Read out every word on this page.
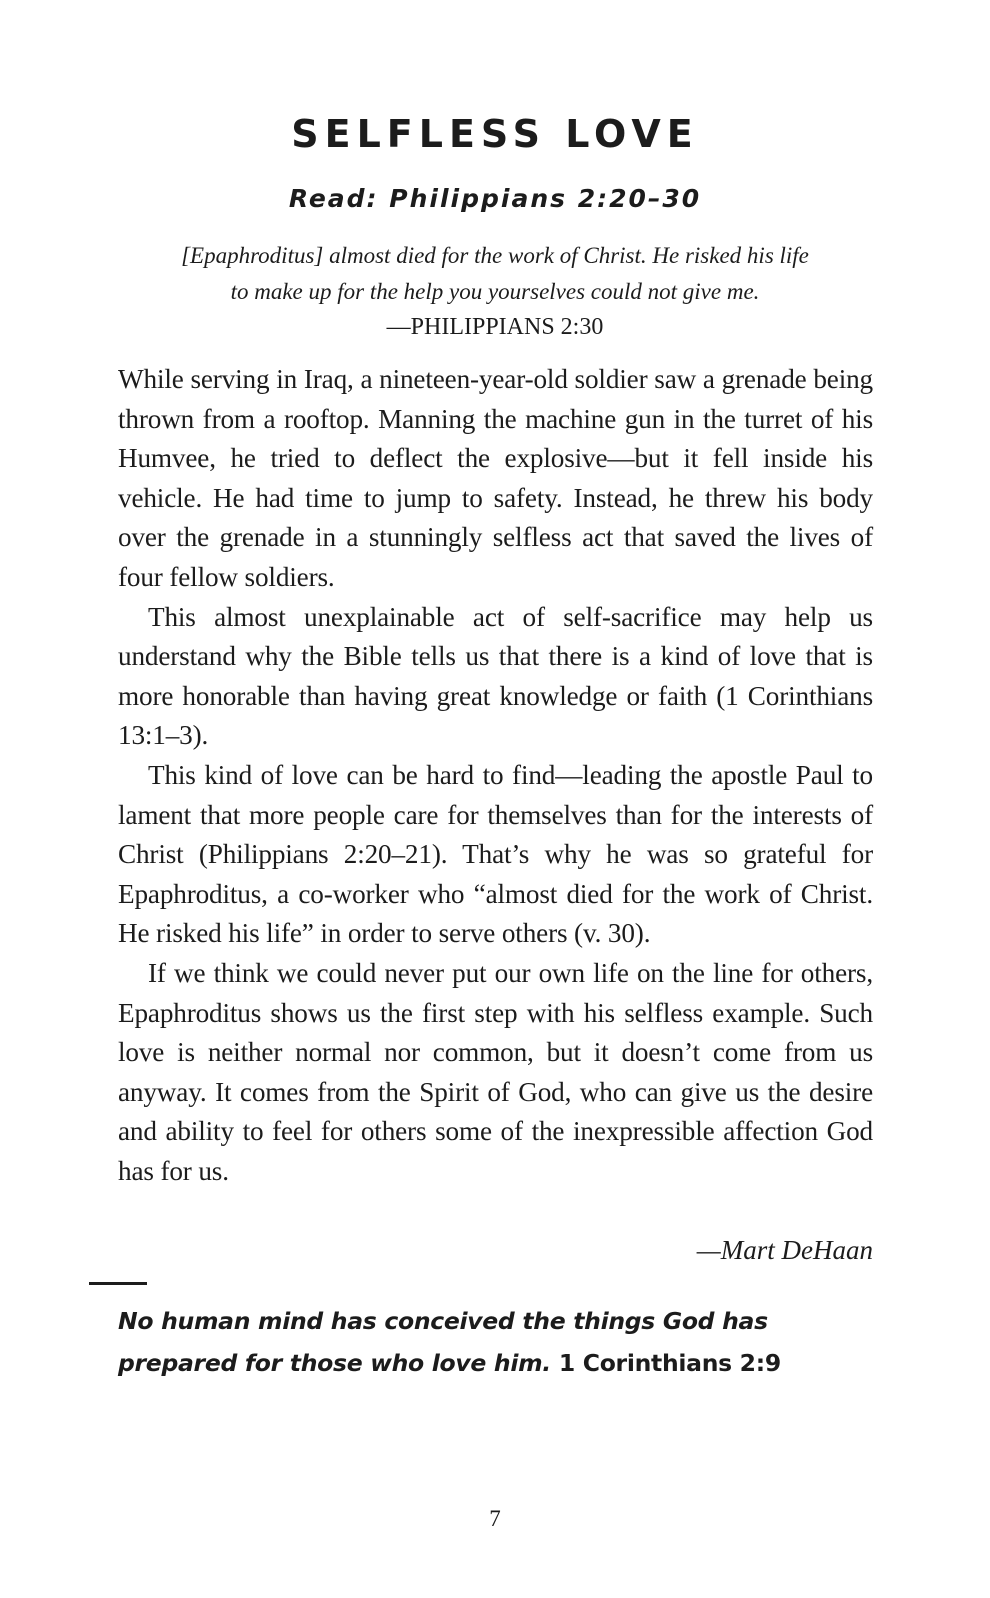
SELFLESS LOVE
Read: Philippians 2:20–30
[Epaphroditus] almost died for the work of Christ. He risked his life
to make up for the help you yourselves could not give me.
—PHILIPPIANS 2:30

While serving in Iraq, a nineteen-year-old soldier saw a grenade being thrown from a rooftop. Manning the machine gun in the turret of his Humvee, he tried to deflect the explosive—but it fell inside his vehicle. He had time to jump to safety. Instead, he threw his body over the grenade in a stunningly selfless act that saved the lives of four fellow soldiers.

This almost unexplainable act of self-sacrifice may help us understand why the Bible tells us that there is a kind of love that is more honorable than having great knowledge or faith (1 Corinthians 13:1–3).

This kind of love can be hard to find—leading the apostle Paul to lament that more people care for themselves than for the interests of Christ (Philippians 2:20–21). That’s why he was so grateful for Epaphroditus, a co-worker who “almost died for the work of Christ. He risked his life” in order to serve others (v. 30).

If we think we could never put our own life on the line for others, Epaphroditus shows us the first step with his selfless example. Such love is neither normal nor common, but it doesn’t come from us anyway. It comes from the Spirit of God, who can give us the desire and ability to feel for others some of the inexpressible affection God has for us.

—Mart DeHaan

No human mind has conceived the things God has prepared for those who love him. 1 Corinthians 2:9

7
